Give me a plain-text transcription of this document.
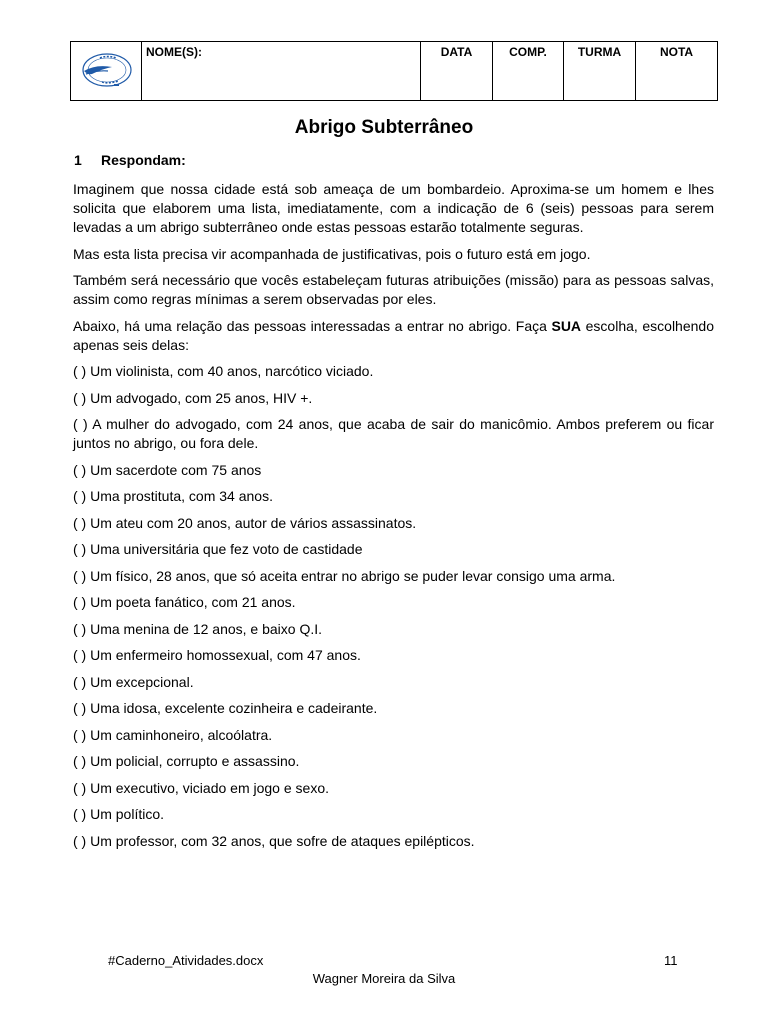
	NOME(S):	DATA	COMP.	TURMA	NOTA
Abrigo Subterrâneo
1 Respondam:

Imaginem que nossa cidade está sob ameaça de um bombardeio. Aproxima-se um homem e lhes solicita que elaborem uma lista, imediatamente, com a indicação de 6 (seis) pessoas para serem levadas a um abrigo subterrâneo onde estas pessoas estarão totalmente seguras.

Mas esta lista precisa vir acompanhada de justificativas, pois o futuro está em jogo.

Também será necessário que vocês estabeleçam futuras atribuições (missão) para as pessoas salvas, assim como regras mínimas a serem observadas por eles.

Abaixo, há uma relação das pessoas interessadas a entrar no abrigo. Faça SUA escolha, escolhendo apenas seis delas:

( ) Um violinista, com 40 anos, narcótico viciado.

( ) Um advogado, com 25 anos, HIV +.

( ) A mulher do advogado, com 24 anos, que acaba de sair do manicômio. Ambos preferem ou ficar juntos no abrigo, ou fora dele.

( ) Um sacerdote com 75 anos

( ) Uma prostituta, com 34 anos.

( ) Um ateu com 20 anos, autor de vários assassinatos.

( ) Uma universitária que fez voto de castidade

( ) Um físico, 28 anos, que só aceita entrar no abrigo se puder levar consigo uma arma.

( ) Um poeta fanático, com 21 anos.

( ) Uma menina de 12 anos, e baixo Q.I.

( ) Um enfermeiro homossexual, com 47 anos.

( ) Um excepcional.

( ) Uma idosa, excelente cozinheira e cadeirante.

( ) Um caminhoneiro, alcoólatra.

( ) Um policial, corrupto e assassino.

( ) Um executivo, viciado em jogo e sexo.

( ) Um político.

( ) Um professor, com 32 anos, que sofre de ataques epilépticos.

#Caderno_Atividades.docx	11
Wagner Moreira da Silva
